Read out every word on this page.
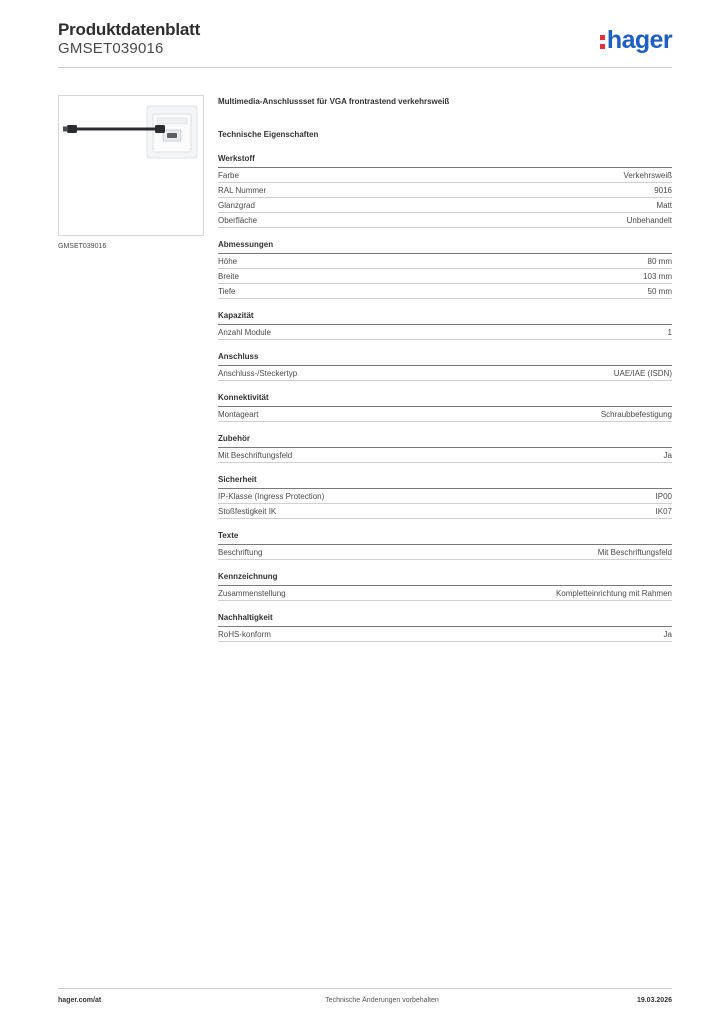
Produktdatenblatt
GMSET039016	hager
GMSET039016
Multimedia-Anschlussset für VGA frontrastend verkehrsweiß
Technische Eigenschaften
Werkstoff
Farbe	Verkehrsweiß
RAL Nummer	9016
Glanzgrad	Matt
Oberfläche	Unbehandelt
Abmessungen
Höhe	80 mm
Breite	103 mm
Tiefe	50 mm
Kapazität
Anzahl Module	1
Anschluss
Anschluss-/Steckertyp	UAE/IAE (ISDN)
Konnektivität
Montageart	Schraubbefestigung
Zubehör
Mit Beschriftungsfeld	Ja
Sicherheit
IP-Klasse (Ingress Protection)	IP00
Stoßfestigkeit IK	IK07
Texte
Beschriftung	Mit Beschriftungsfeld
Kennzeichnung
Zusammenstellung	Kompletteinrichtung mit Rahmen
Nachhaltigkeit
RoHS-konform	Ja
hager.com/at	Technische Änderungen vorbehalten	19.03.2026
